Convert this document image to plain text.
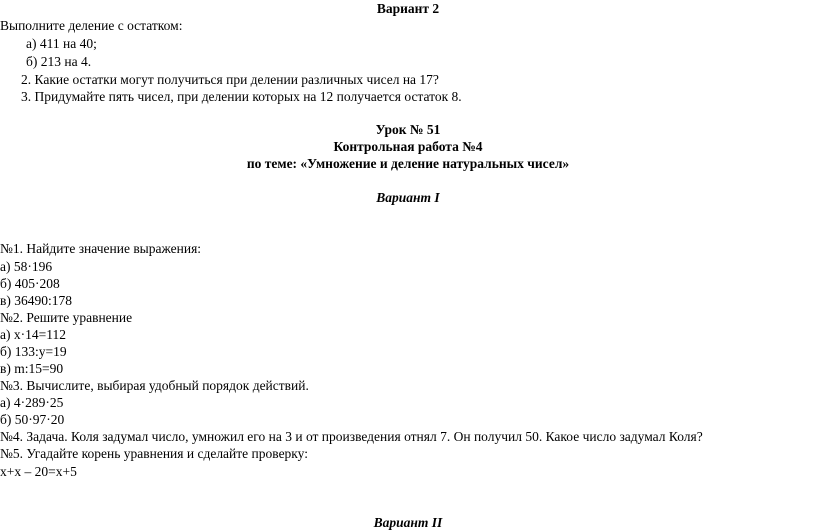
Вариант 2
Выполните деление с остатком:
а) 411 на 40;
б) 213 на 4.
2. Какие остатки могут получиться при делении различных чисел на 17?
3. Придумайте пять чисел, при делении которых на 12 получается остаток 8.
Урок № 51
Контрольная работа №4
по теме: «Умножение и деление натуральных чисел»
Вариант I
№1. Найдите значение выражения:
а) 58·196
б) 405·208
в) 36490:178
№2. Решите уравнение
а) x·14=112
б) 133:y=19
в) m:15=90
№3. Вычислите, выбирая удобный порядок действий.
а) 4·289·25
б) 50·97·20
№4. Задача. Коля задумал число, умножил его на 3 и от произведения отнял 7. Он получил 50. Какое число задумал Коля?
№5. Угадайте корень уравнения и сделайте проверку:
x+x – 20=x+5
Вариант II
